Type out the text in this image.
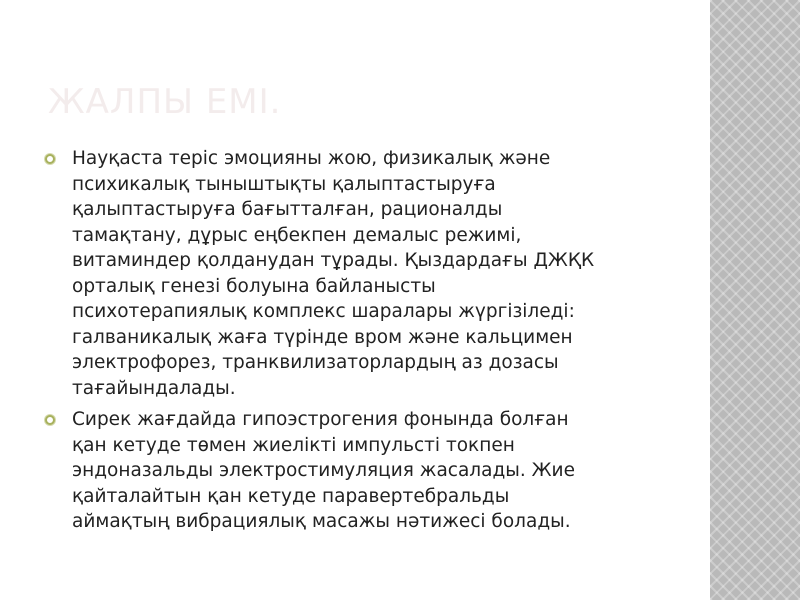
ЖАЛПЫ ЕМІ.
Науқаста теріс эмоцияны жою, физикалық және
психикалық тыныштықты қалыптастыруға
қалыптастыруға бағытталған, рационалды
тамақтану, дұрыс еңбекпен демалыс режимі,
витаминдер қолданудан тұрады. Қыздардағы ДЖҚК
орталық генезі болуына байланысты
психотерапиялық комплекс шаралары жүргізіледі:
галваникалық жаға түрінде вром және кальцимен
электрофорез, транквилизаторлардың аз дозасы
тағайындалады.
Сирек жағдайда гипоэстрогения фонында болған
қан кетуде төмен жиелікті импульсті токпен
эндоназальды электростимуляция жасалады. Жие
қайталайтын қан кетуде паравертебральды
аймақтың вибрациялық масажы нәтижесі болады.
